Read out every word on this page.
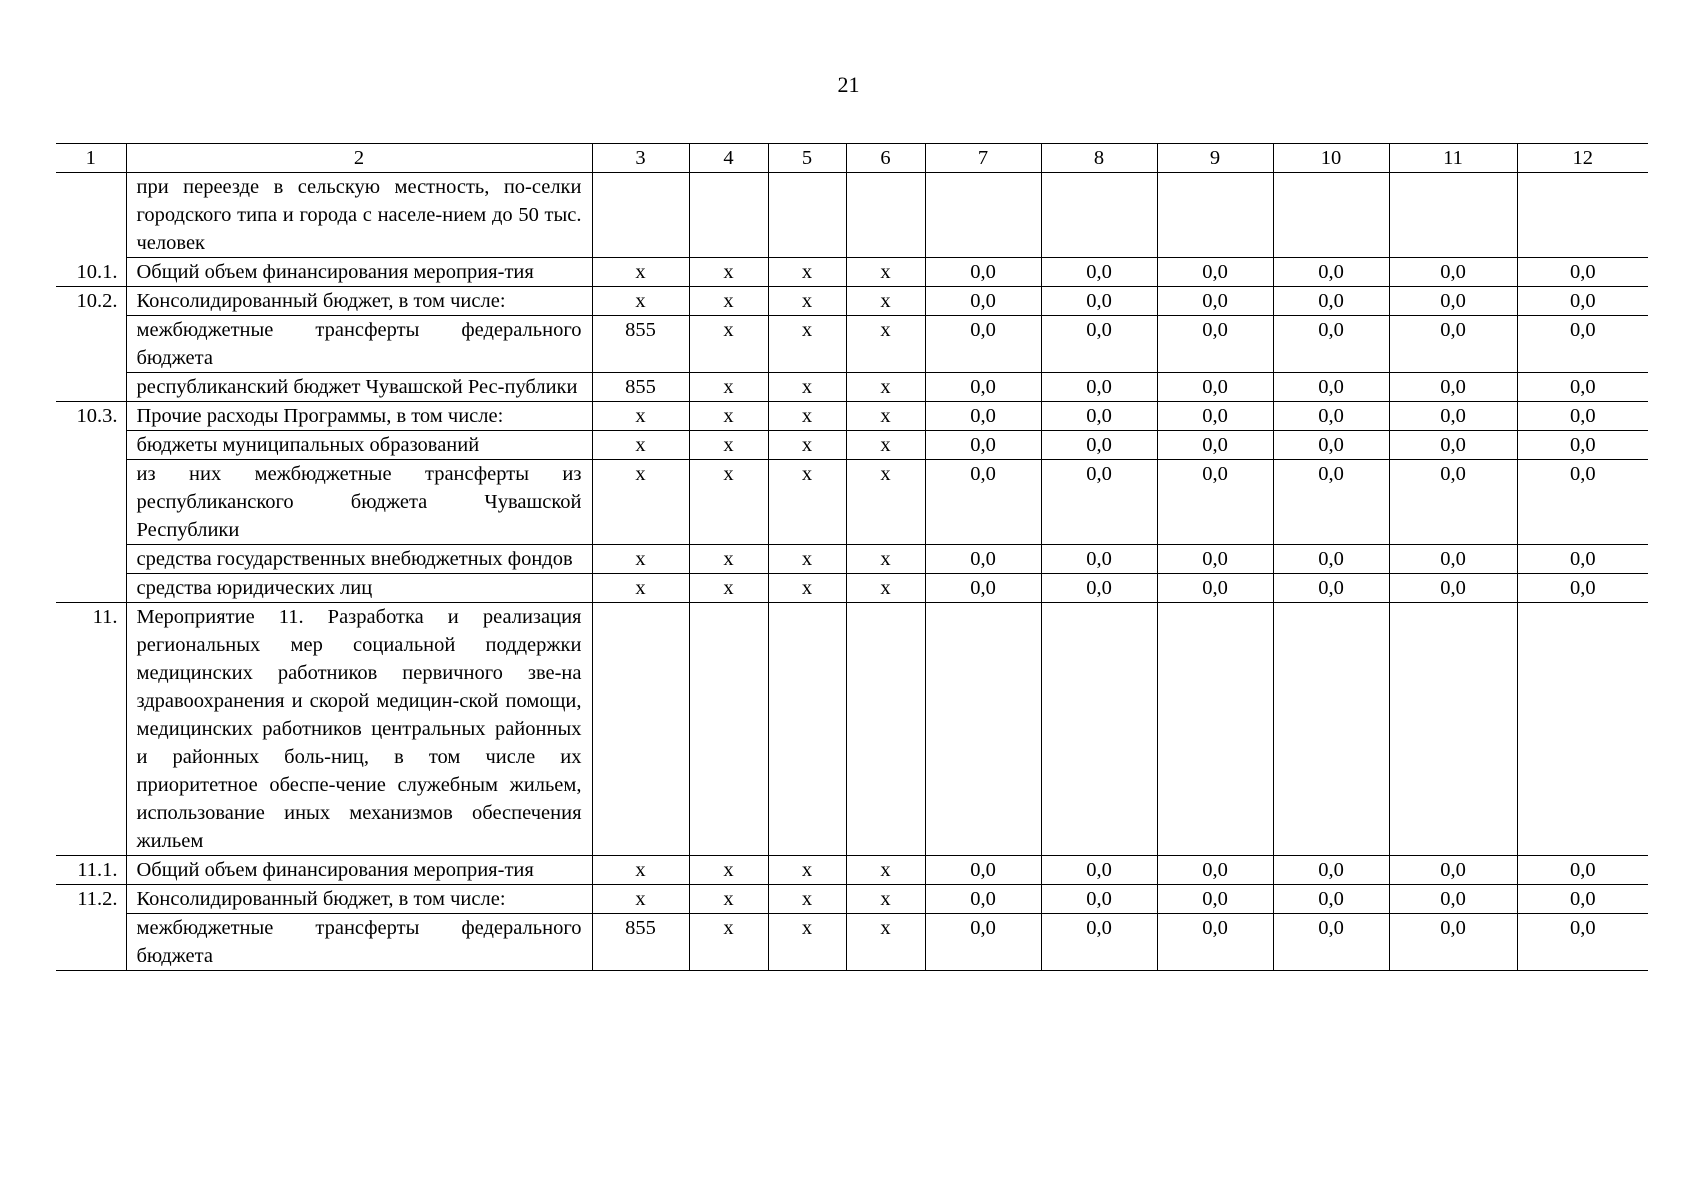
21
1	2	3	4	5	6	7	8	9	10	11	12
	при переезде в сельскую местность, по-селки городского типа и города с населе-нием до 50 тыс. человек										
10.1.	Общий объем финансирования мероприя-тия	х	х	х	х	0,0	0,0	0,0	0,0	0,0	0,0
10.2.	Консолидированный бюджет, в том числе:	х	х	х	х	0,0	0,0	0,0	0,0	0,0	0,0
	межбюджетные трансферты федерального бюджета	855	х	х	х	0,0	0,0	0,0	0,0	0,0	0,0
	республиканский бюджет Чувашской Рес-публики	855	х	х	х	0,0	0,0	0,0	0,0	0,0	0,0
10.3.	Прочие расходы Программы, в том числе:	х	х	х	х	0,0	0,0	0,0	0,0	0,0	0,0
	бюджеты муниципальных образований	х	х	х	х	0,0	0,0	0,0	0,0	0,0	0,0
	из них межбюджетные трансферты из республиканского бюджета Чувашской Республики	х	х	х	х	0,0	0,0	0,0	0,0	0,0	0,0
	средства государственных внебюджетных фондов	х	х	х	х	0,0	0,0	0,0	0,0	0,0	0,0
	средства юридических лиц	х	х	х	х	0,0	0,0	0,0	0,0	0,0	0,0
11.	Мероприятие 11. Разработка и реализация региональных мер социальной поддержки медицинских работников первичного зве-на здравоохранения и скорой медицин-ской помощи, медицинских работников центральных районных и районных боль-ниц, в том числе их приоритетное обеспе-чение служебным жильем, использование иных механизмов обеспечения жильем										
11.1.	Общий объем финансирования мероприя-тия	х	х	х	х	0,0	0,0	0,0	0,0	0,0	0,0
11.2.	Консолидированный бюджет, в том числе:	х	х	х	х	0,0	0,0	0,0	0,0	0,0	0,0
	межбюджетные трансферты федерального бюджета	855	х	х	х	0,0	0,0	0,0	0,0	0,0	0,0
